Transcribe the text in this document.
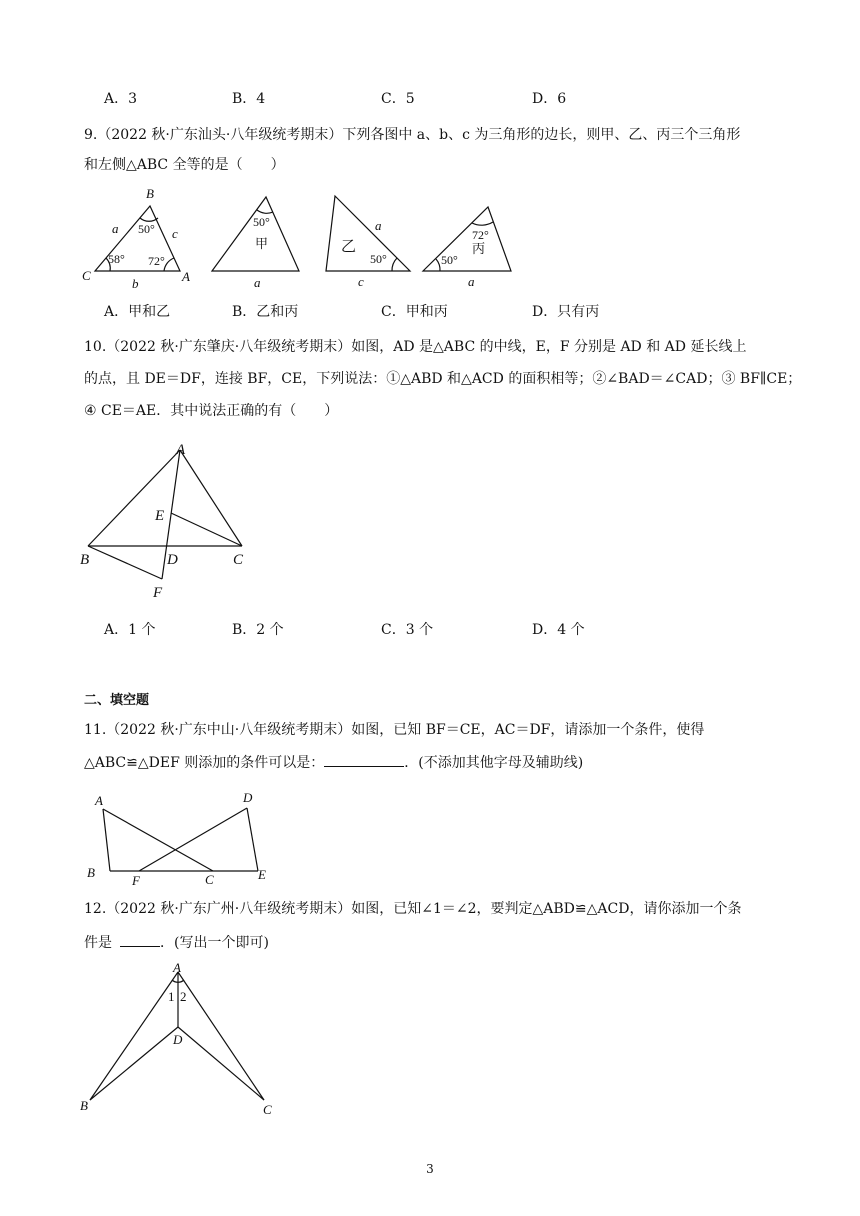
A．3	B．4	C．5	D．6
9.（2022 秋·广东汕头·八年级统考期末）下列各图中 a、b、c 为三角形的边长，则甲、乙、丙三个三角形
和左侧△ABC 全等的是（　　）
B
C	A
a
b
c
50°
58° 72°
50°
甲
a
乙
50°
a
c
72°
丙
50°
a
A．甲和乙	B．乙和丙	C．甲和丙	D．只有丙
10.（2022 秋·广东肇庆·八年级统考期末）如图，AD 是△ABC 的中线，E，F 分别是 AD 和 AD 延长线上
的点，且 DE＝DF，连接 BF，CE，下列说法：①△ABD 和△ACD 的面积相等；②∠BAD＝∠CAD；③ BF∥CE；
④ CE＝AE．其中说法正确的有（　　）
A
B	C
D
E
F
A．1 个	B．2 个	C．3 个	D．4 个
二、填空题
11.（2022 秋·广东中山·八年级统考期末）如图，已知 BF＝CE，AC＝DF，请添加一个条件，使得
△ABC≌△DEF 则添加的条件可以是：	．(不添加其他字母及辅助线)
A
B	C
D
E
F
12.（2022 秋·广东广州·八年级统考期末）如图，已知∠1＝∠2，要判定△ABD≌△ACD，请你添加一个条
件是	．(写出一个即可)
A
1 2
D
B	C
3
